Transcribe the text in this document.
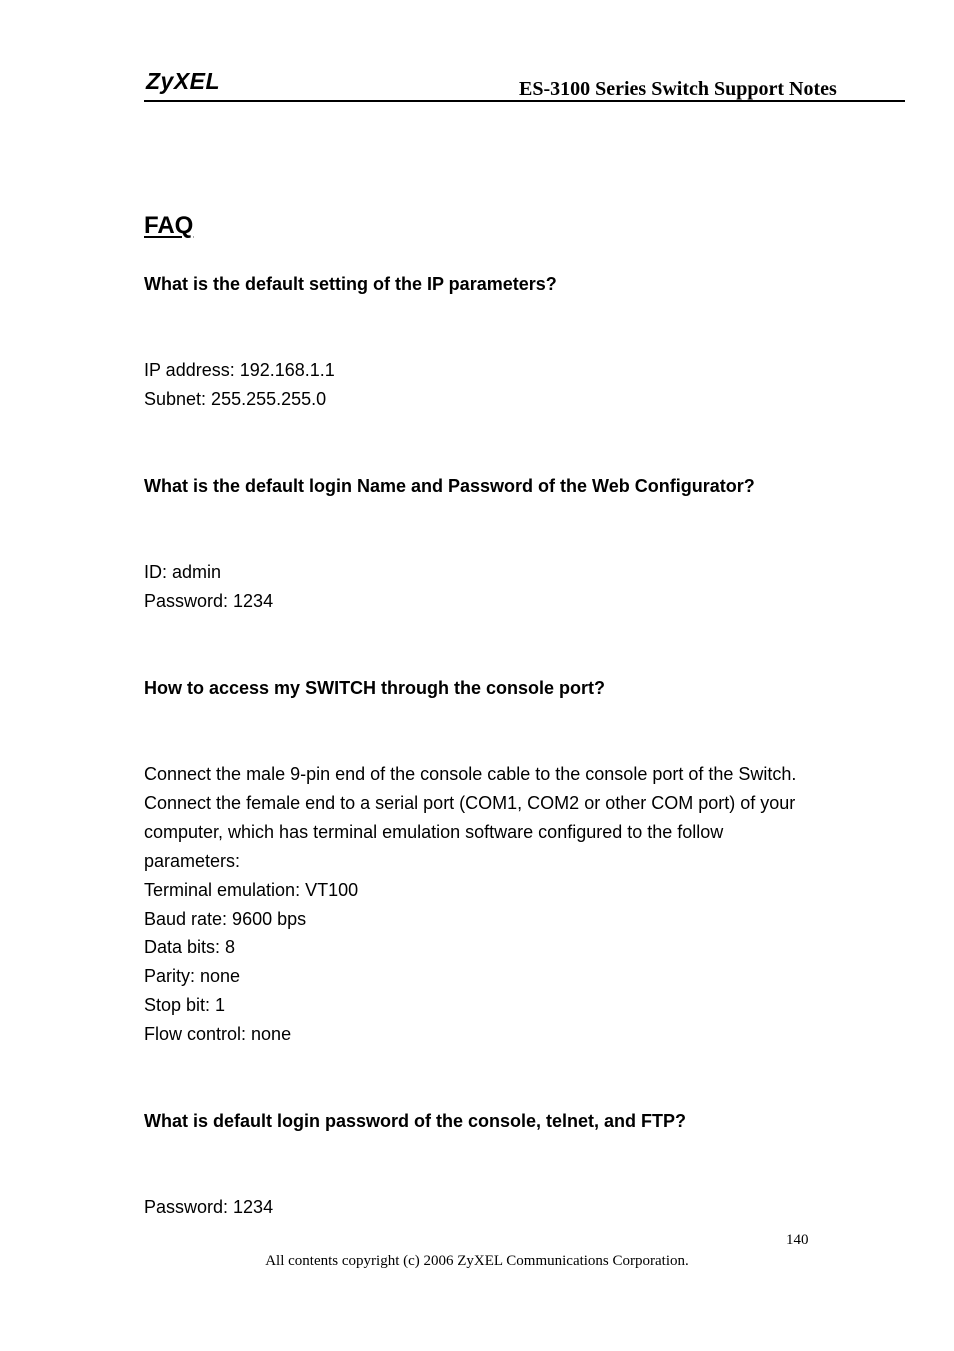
ZyXEL	ES-3100 Series Switch Support Notes
FAQ

What is the default setting of the IP parameters?

IP address: 192.168.1.1

Subnet: 255.255.255.0

What is the default login Name and Password of the Web Configurator?

ID: admin

Password: 1234

How to access my SWITCH through the console port?

Connect the male 9-pin end of the console cable to the console port of the Switch. Connect the female end to a serial port (COM1, COM2 or other COM port) of your computer, which has terminal emulation software configured to the follow parameters:

Terminal emulation: VT100

Baud rate: 9600 bps

Data bits: 8

Parity: none

Stop bit: 1

Flow control: none

What is default login password of the console, telnet, and FTP?

Password: 1234

140
All contents copyright (c) 2006 ZyXEL Communications Corporation.
